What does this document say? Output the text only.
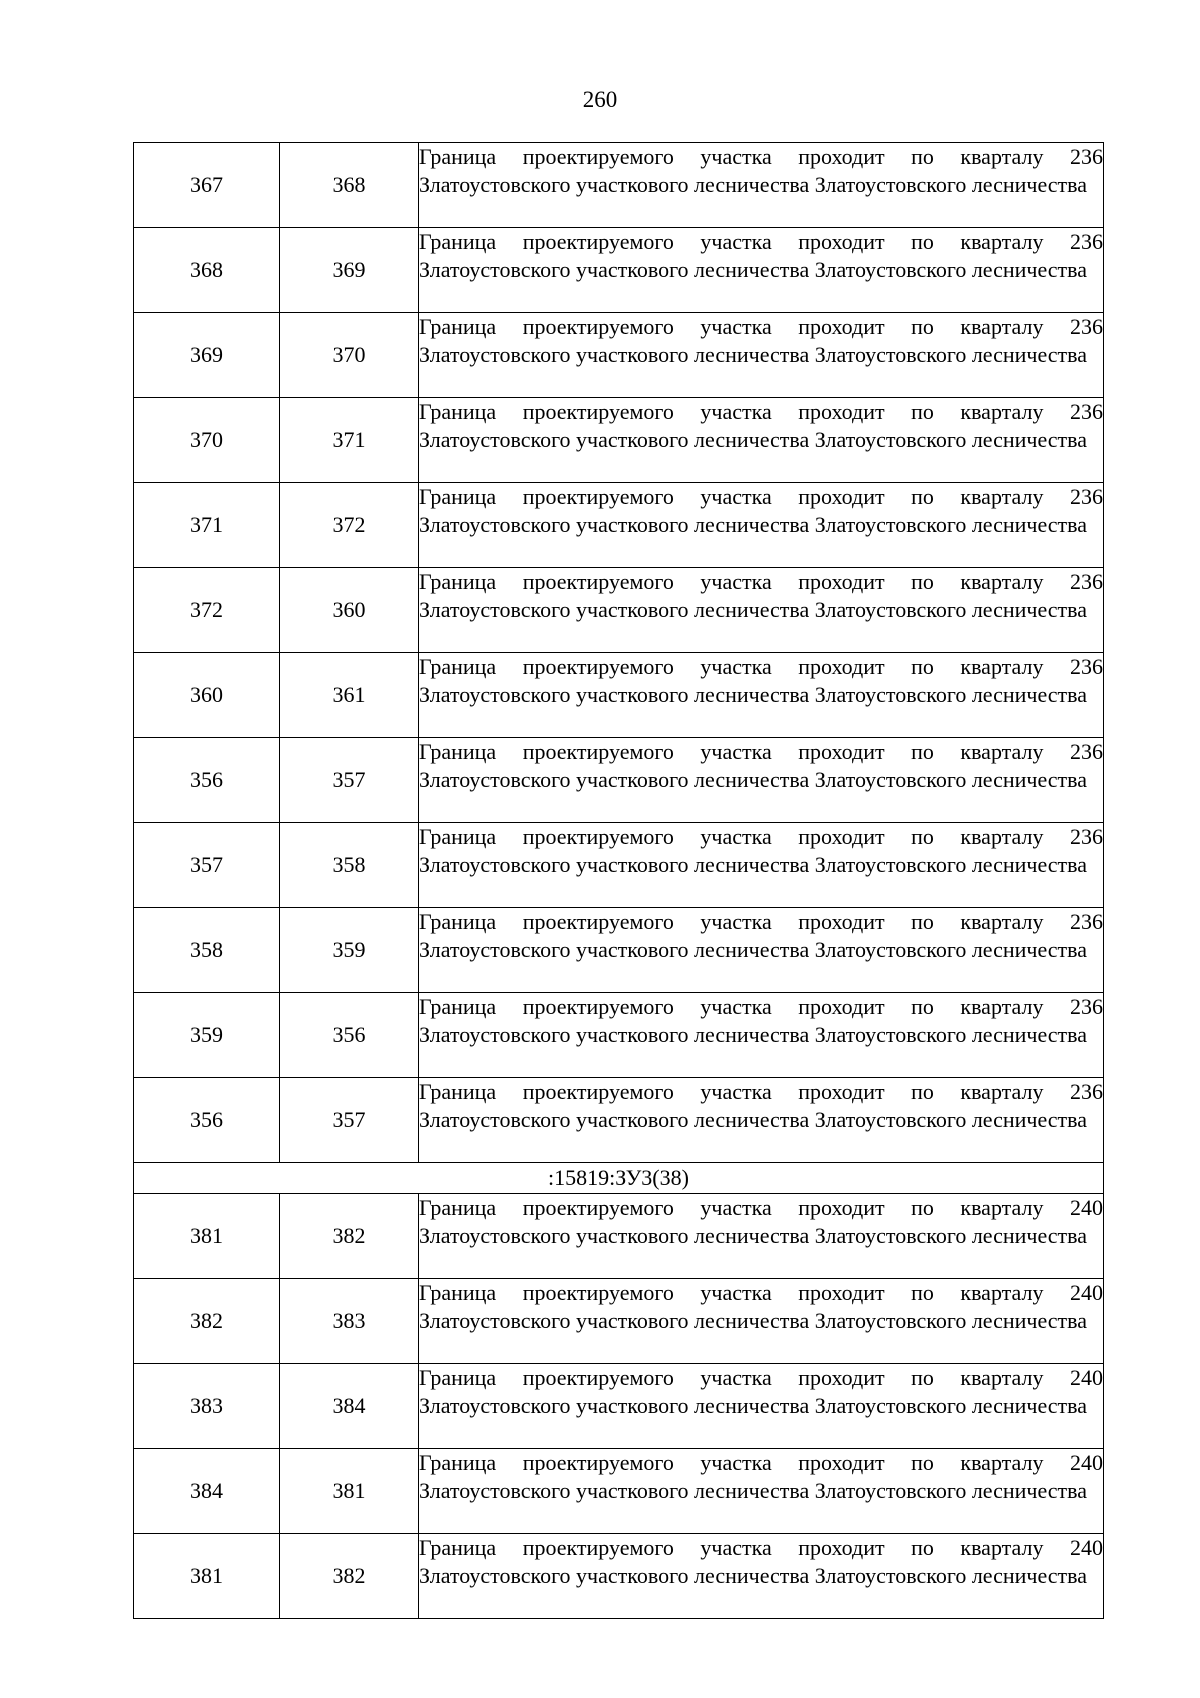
260
367	368	Граница проектируемого участка проходит по кварталу 236 Златоустовского участкового лесничества Златоустовского лесничества
368	369	Граница проектируемого участка проходит по кварталу 236 Златоустовского участкового лесничества Златоустовского лесничества
369	370	Граница проектируемого участка проходит по кварталу 236 Златоустовского участкового лесничества Златоустовского лесничества
370	371	Граница проектируемого участка проходит по кварталу 236 Златоустовского участкового лесничества Златоустовского лесничества
371	372	Граница проектируемого участка проходит по кварталу 236 Златоустовского участкового лесничества Златоустовского лесничества
372	360	Граница проектируемого участка проходит по кварталу 236 Златоустовского участкового лесничества Златоустовского лесничества
360	361	Граница проектируемого участка проходит по кварталу 236 Златоустовского участкового лесничества Златоустовского лесничества
356	357	Граница проектируемого участка проходит по кварталу 236 Златоустовского участкового лесничества Златоустовского лесничества
357	358	Граница проектируемого участка проходит по кварталу 236 Златоустовского участкового лесничества Златоустовского лесничества
358	359	Граница проектируемого участка проходит по кварталу 236 Златоустовского участкового лесничества Златоустовского лесничества
359	356	Граница проектируемого участка проходит по кварталу 236 Златоустовского участкового лесничества Златоустовского лесничества
356	357	Граница проектируемого участка проходит по кварталу 236 Златоустовского участкового лесничества Златоустовского лесничества
:15819:ЗУ3(38)		
381	382	Граница проектируемого участка проходит по кварталу 240 Златоустовского участкового лесничества Златоустовского лесничества
382	383	Граница проектируемого участка проходит по кварталу 240 Златоустовского участкового лесничества Златоустовского лесничества
383	384	Граница проектируемого участка проходит по кварталу 240 Златоустовского участкового лесничества Златоустовского лесничества
384	381	Граница проектируемого участка проходит по кварталу 240 Златоустовского участкового лесничества Златоустовского лесничества
381	382	Граница проектируемого участка проходит по кварталу 240 Златоустовского участкового лесничества Златоустовского лесничества
